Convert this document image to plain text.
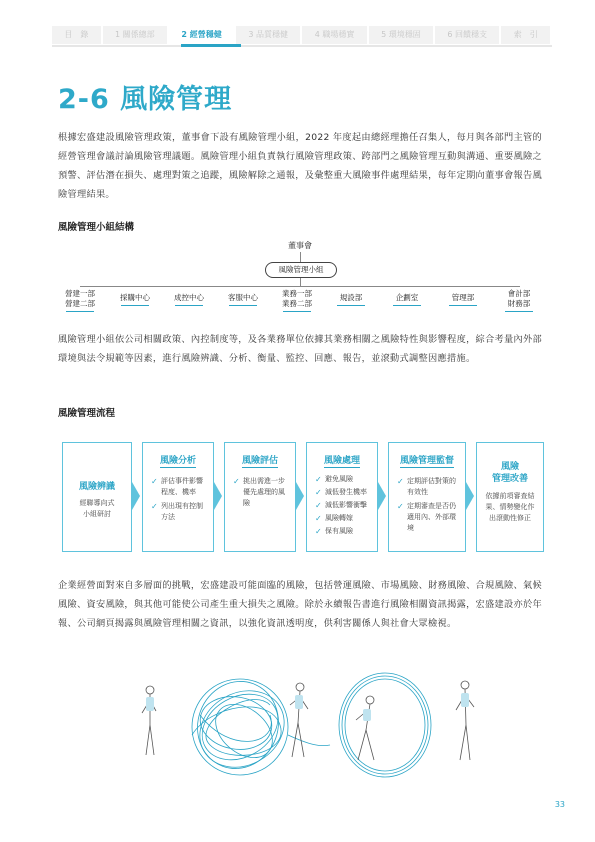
目　錄	1 關係總部	2 經營穩健	3 品質穩健	4 職場穩實	5 環境穩固	6 回饋穩支	索　引
2-6 風險管理

根據宏盛建設風險管理政策，董事會下設有風險管理小組，2022 年度起由總經理擔任召集人，每月與各部門主管的經營管理會議討論風險管理議題。風險管理小組負責執行風險管理政策、跨部門之風險管理互動與溝通、重要風險之預警、評估潛在損失、處理對策之追蹤，風險解除之通報，及彙整重大風險事件處理結果，每年定期向董事會報告風險管理結果。

風險管理小組結構

董事會
風險管理小組
營建一部
營建二部
採購中心	成控中心	客服中心	業務一部
業務二部
規設部	企劃室	管理部	會計部
財務部

風險管理小組依公司相關政策、內控制度等，及各業務單位依據其業務相關之風險特性與影響程度，綜合考量內外部環境與法令規範等因素，進行風險辨識、分析、衡量、監控、回應、報告，並滾動式調整因應措施。

風險管理流程

風險辨識
經聯導向式
小組研討
風險分析
✓ 評估事件影響程度、機率
✓ 列出現有控制方法
風險評估
✓ 挑出需進一步優先處理的風險
風險處理
✓ 避免風險
✓ 減低發生機率
✓ 減低影響衝擊
✓ 風險轉嫁
✓ 保有風險
風險管理監督
✓ 定期評估對策的有效性
✓ 定期審查是否仍適用內、外部環境
風險
管理改善
依據前項審查結
果、情勢變化作
出滾動性修正

企業經營面對來自多層面的挑戰，宏盛建設可能面臨的風險，包括營運風險、市場風險、財務風險、合規風險、氣候風險、資安風險，與其他可能使公司產生重大損失之風險。除於永續報告書進行風險相關資訊揭露，宏盛建設亦於年報、公司網頁揭露與風險管理相關之資訊，以強化資訊透明度，供利害關係人與社會大眾檢視。

33
